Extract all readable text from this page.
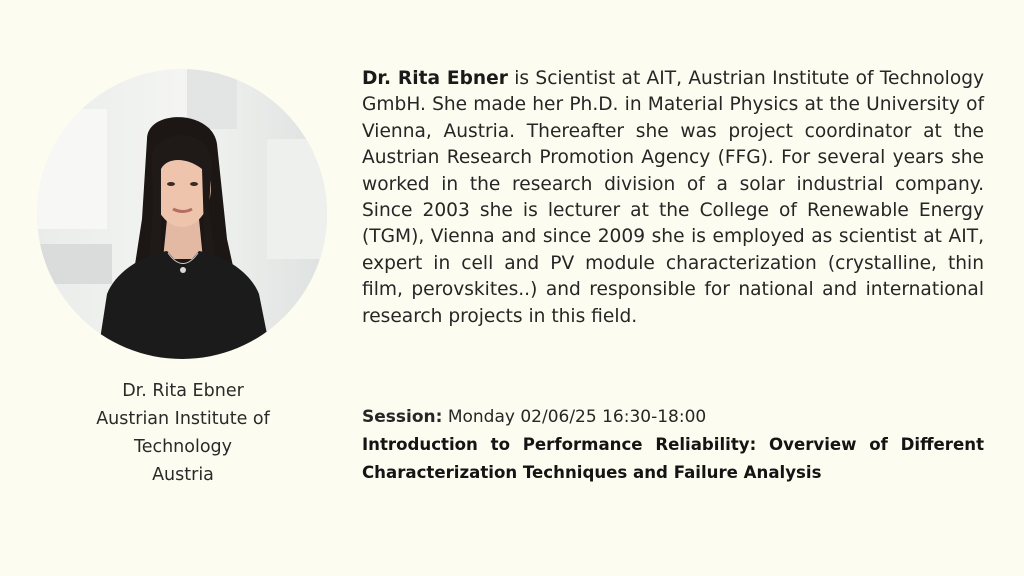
Dr. Rita Ebner
Austrian Institute of
Technology
Austria

Dr. Rita Ebner is Scientist at AIT, Austrian Institute of Technology GmbH. She made her Ph.D. in Material Physics at the University of Vienna, Austria. Thereafter she was project coordinator at the Austrian Research Promotion Agency (FFG). For several years she worked in the research division of a solar industrial company. Since 2003 she is lecturer at the College of Renewable Energy (TGM), Vienna and since 2009 she is employed as scientist at AIT, expert in cell and PV module characterization (crystalline, thin film, perovskites..) and responsible for national and international research projects in this field.

Session: Monday 02/06/25 16:30-18:00

Introduction to Performance Reliability: Overview of Different Characterization Techniques and Failure Analysis
